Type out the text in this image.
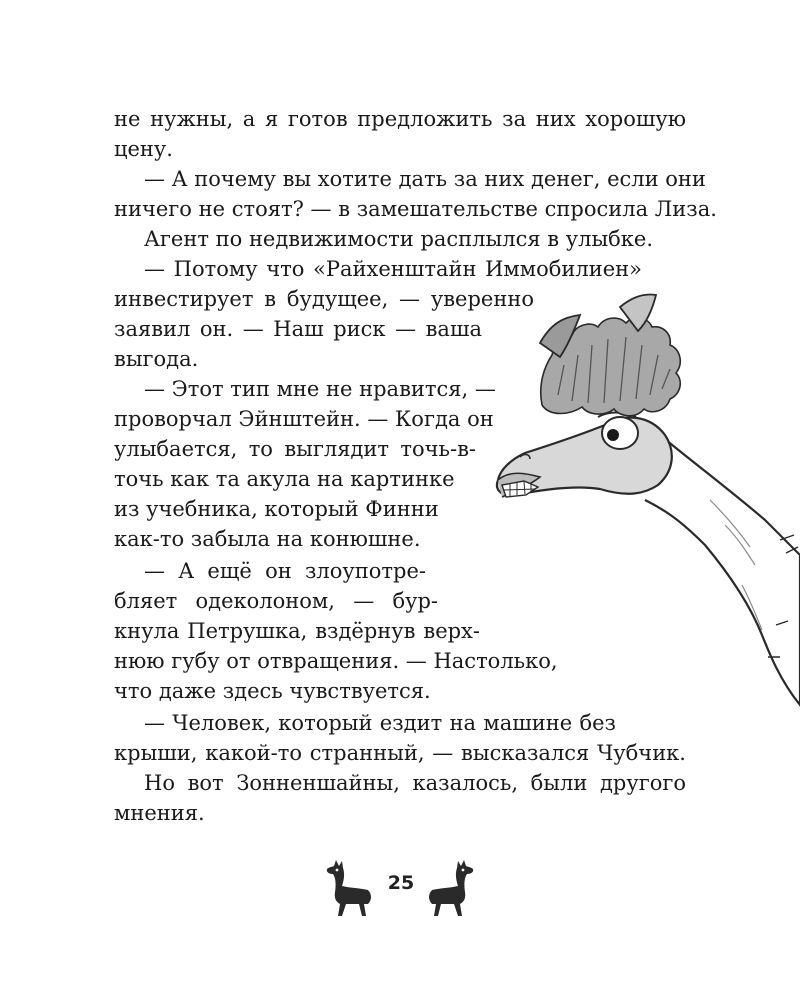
не нужны, а я готов предложить за них хорошую
цену.
— А почему вы хотите дать за них денег, если они
ничего не стоят? — в замешательстве спросила Лиза.
Агент по недвижимости расплылся в улыбке.
— Потому что «Райхенштайн Иммобилиен»
инвестирует в будущее, — уверенно
заявил он. — Наш риск — ваша
выгода.
— Этот тип мне не нравится, —
проворчал Эйнштейн. — Когда он
улыбается, то выглядит точь-в-
точь как та акула на картинке
из учебника, который Финни
как-то забыла на конюшне.
— А ещё он злоупотре-
бляет одеколоном, — бур-
кнула Петрушка, вздёрнув верх-
нюю губу от отвращения. — Настолько,
что даже здесь чувствуется.
— Человек, который ездит на машине без
крыши, какой-то странный, — высказался Чубчик.
Но вот Зонненшайны, казалось, были другого
мнения.
25
